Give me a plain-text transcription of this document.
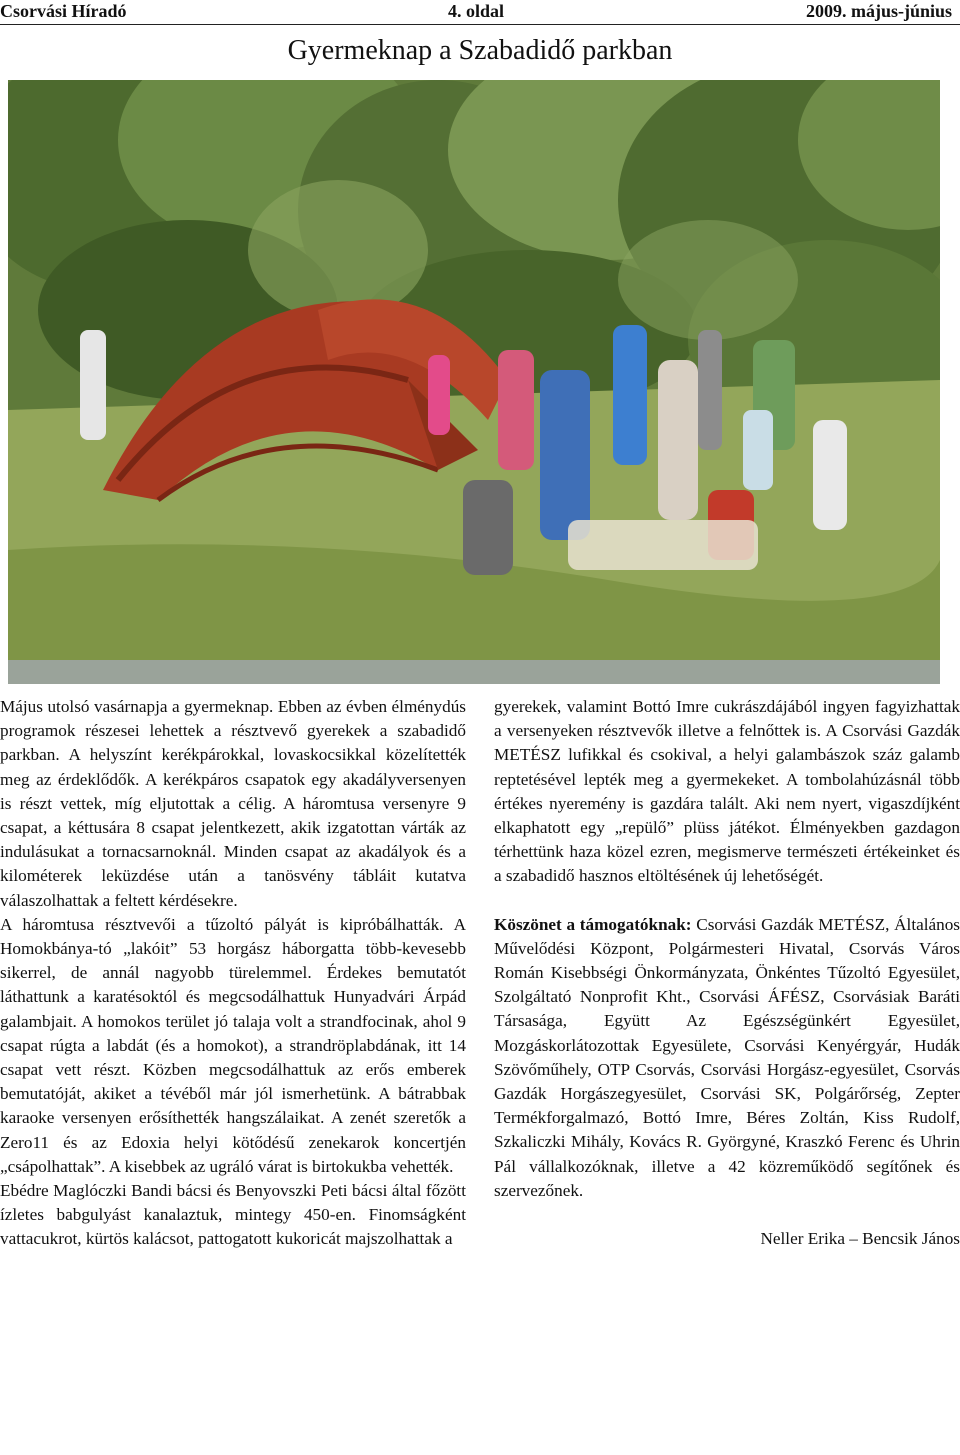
Csorvási Híradó	4. oldal	2009. május-június
Gyermeknap a Szabadidő parkban

Május utolsó vasárnapja a gyermeknap. Ebben az évben élménydús programok részesei lehettek a résztvevő gyerekek a szabadidő parkban. A helyszínt kerékpárokkal, lovaskocsikkal közelítették meg az érdeklődők. A kerékpáros csapatok egy akadályversenyen is részt vettek, míg eljutottak a célig. A háromtusa versenyre 9 csapat, a kéttusára 8 csapat jelentkezett, akik izgatottan várták az indulásukat a tornacsarnoknál. Minden csapat az akadályok és a kilométerek leküzdése után a tanösvény tábláit kutatva válaszolhattak a feltett kérdésekre.

A háromtusa résztvevői a tűzoltó pályát is kipróbálhatták. A Homokbánya-tó „lakóit” 53 horgász háborgatta több-kevesebb sikerrel, de annál nagyobb türelemmel. Érdekes bemutatót láthattunk a karatésoktól és megcsodálhattuk Hunyadvári Árpád galambjait. A homokos terület jó talaja volt a strandfocinak, ahol 9 csapat rúgta a labdát (és a homokot), a strandröplabdának, itt 14 csapat vett részt. Közben megcsodálhattuk az erős emberek bemutatóját, akiket a tévéből már jól ismerhetünk. A bátrabbak karaoke versenyen erősíthették hangszálaikat. A zenét szeretők a Zero11 és az Edoxia helyi kötődésű zenekarok koncertjén „csápolhattak”. A kisebbek az ugráló várat is birtokukba vehették.

Ebédre Maglóczki Bandi bácsi és Benyovszki Peti bácsi által főzött ízletes babgulyást kanalaztuk, mintegy 450-en. Finomságként vattacukrot, kürtös kalácsot, pattogatott kukoricát majszolhattak a

gyerekek, valamint Bottó Imre cukrászdájából ingyen fagyizhattak a versenyeken résztvevők illetve a felnőttek is. A Csorvási Gazdák METÉSZ lufikkal és csokival, a helyi galambászok száz galamb reptetésével lepték meg a gyermekeket. A tombolahúzásnál több értékes nyeremény is gazdára talált. Aki nem nyert, vigaszdíjként elkaphatott egy „repülő” plüss játékot. Élményekben gazdagon térhettünk haza közel ezren, megismerve természeti értékeinket és a szabadidő hasznos eltöltésének új lehetőségét.

Köszönet a támogatóknak: Csorvási Gazdák METÉSZ, Általános Művelődési Központ, Polgármesteri Hivatal, Csorvás Város Román Kisebbségi Önkormányzata, Önkéntes Tűzoltó Egyesület, Szolgáltató Nonprofit Kht., Csorvási ÁFÉSZ, Csorvásiak Baráti Társasága, Együtt Az Egészségünkért Egyesület, Mozgáskorlátozottak Egyesülete, Csorvási Kenyérgyár, Hudák Szövőműhely, OTP Csorvás, Csorvási Horgász-egyesület, Csorvás Gazdák Horgászegyesület, Csorvási SK, Polgárőrség, Zepter Termékforgalmazó, Bottó Imre, Béres Zoltán, Kiss Rudolf, Szkaliczki Mihály, Kovács R. Györgyné, Kraszkó Ferenc és Uhrin Pál vállalkozóknak, illetve a 42 közreműködő segítőnek és szervezőnek.

Neller Erika – Bencsik János
